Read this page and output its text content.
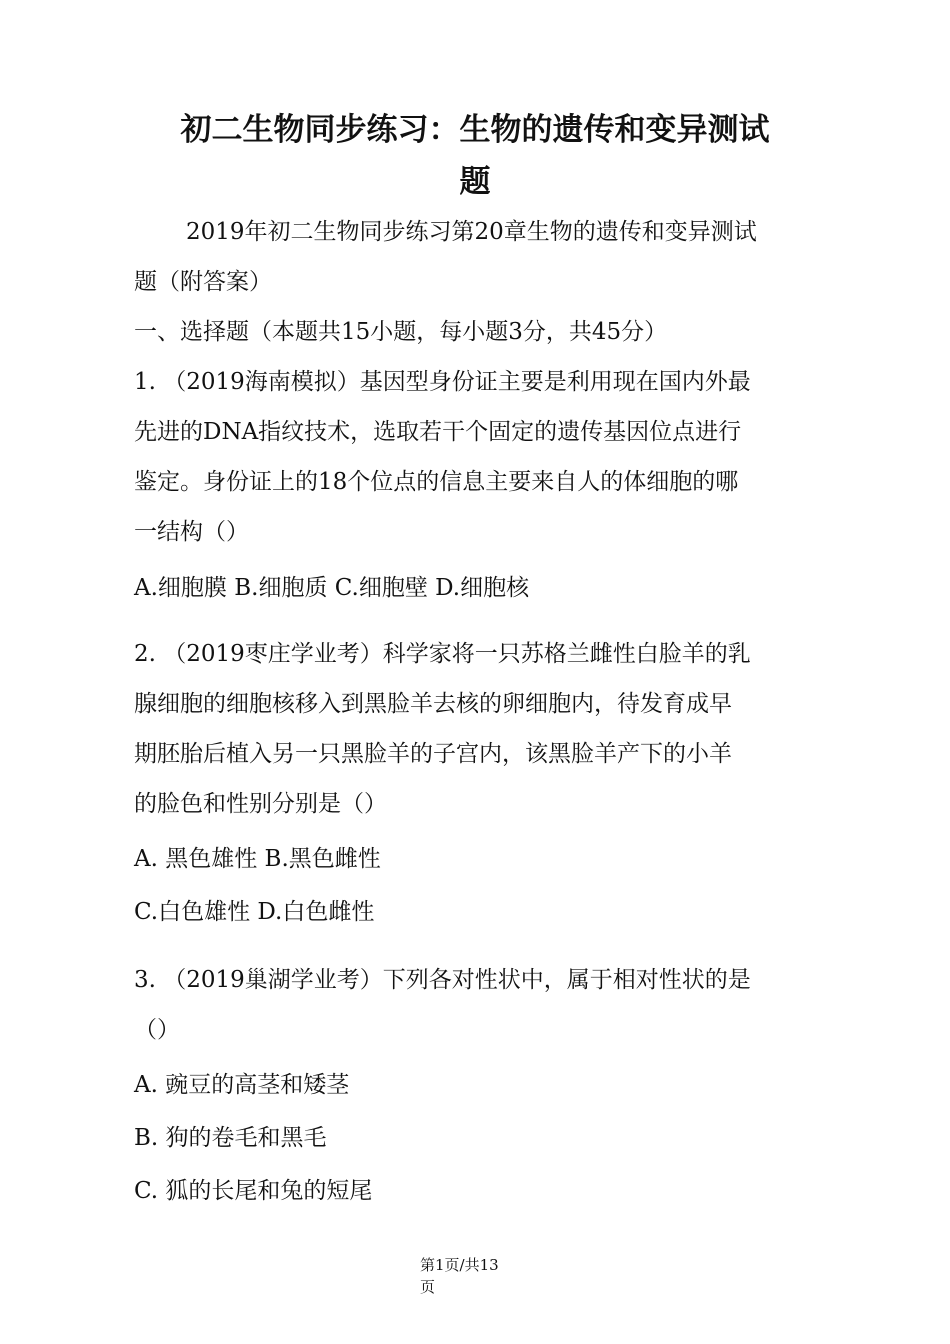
初二生物同步练习：生物的遗传和变异测试
题

2019年初二生物同步练习第20章生物的遗传和变异测试

题（附答案）

一、选择题（本题共15小题，每小题3分，共45分）

1. （2019海南模拟）基因型身份证主要是利用现在国内外最

先进的DNA指纹技术，选取若干个固定的遗传基因位点进行

鉴定。身份证上的18个位点的信息主要来自人的体细胞的哪

一结构（）

A.细胞膜 B.细胞质 C.细胞壁 D.细胞核

2. （2019枣庄学业考）科学家将一只苏格兰雌性白脸羊的乳

腺细胞的细胞核移入到黑脸羊去核的卵细胞内，待发育成早

期胚胎后植入另一只黑脸羊的子宫内，该黑脸羊产下的小羊

的脸色和性别分别是（）

A. 黑色雄性 B.黑色雌性

C.白色雄性 D.白色雌性

3. （2019巢湖学业考）下列各对性状中，属于相对性状的是

（）

A. 豌豆的高茎和矮茎

B. 狗的卷毛和黑毛

C. 狐的长尾和兔的短尾

第1页/共13
页
